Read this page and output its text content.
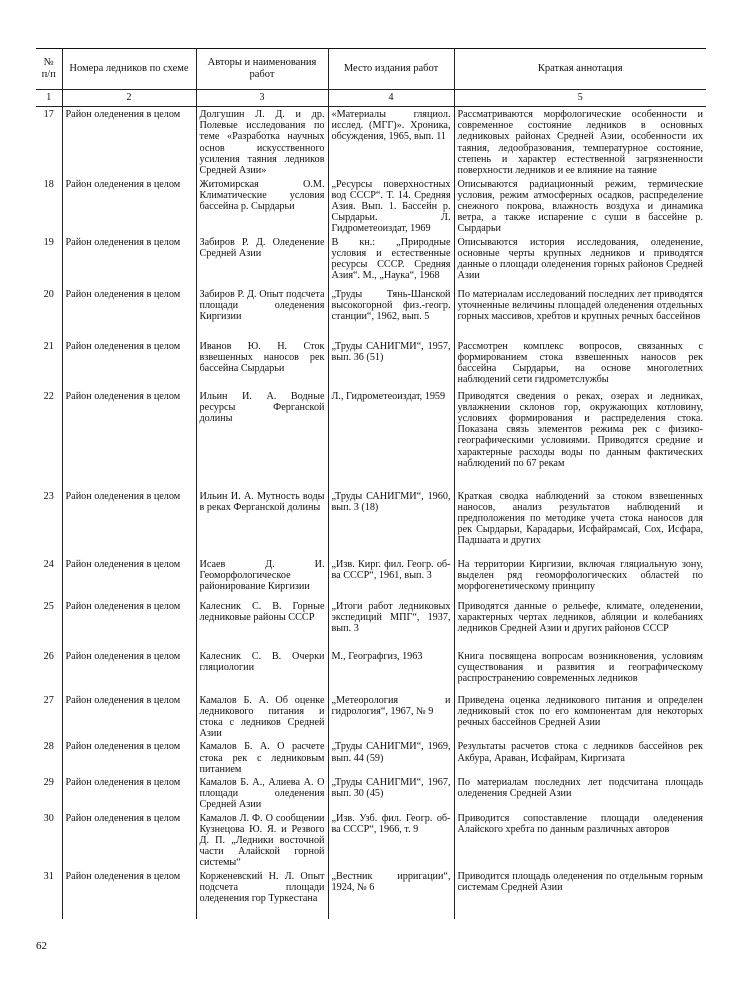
№ п/п	Номера ледников по схеме	Авторы и наименования работ	Место издания работ	Краткая аннотация
1	2	3	4	5
17	Район оледенения в целом	Долгушин Л. Д. и др. Полевые исследования по теме «Разработка научных основ искусственного усиления таяния ледников Средней Азии»	«Материалы гляциол. исслед. (МГГ)». Хроника, обсуждения, 1965, вып. 11	Рассматриваются морфологические особенности и современное состояние ледников в основных ледниковых районах Средней Азии, особенности их таяния, ледообразования, температурное состояние, степень и характер естественной загрязненности поверхности ледников и ее влияние на таяние
18	Район оледенения в целом	Житомирская О.М. Климатические условия бассейна р. Сырдарьи	„Ресурсы поверхностных вод СССР“. Т. 14. Средняя Азия. Вып. 1. Бассейн р. Сырдарьи. Л. Гидрометеоиздат, 1969	Описываются радиационный режим, термические условия, режим атмосферных осадков, распределение снежного покрова, влажность воздуха и динамика ветра, а также испарение с суши в бассейне р. Сырдарьи
19	Район оледенения в целом	Забиров Р. Д. Оледенение Средней Азии	В кн.: „Природные условия и естественные ресурсы СССР. Средняя Азия“. М., „Наука“, 1968	Описываются история исследования, оледенение, основные черты крупных ледников и приводятся данные о площади оледенения горных районов Средней Азии
20	Район оледенения в целом	Забиров Р. Д. Опыт подсчета площади оледенения Киргизии	„Труды Тянь-Шанской высокогорной физ.-геогр. станции“, 1962, вып. 5	По материалам исследований последних лет приводятся уточненные величины площадей оледенения отдельных горных массивов, хребтов и крупных речных бассейнов
21	Район оледенения в целом	Иванов Ю. Н. Сток взвешенных наносов рек бассейна Сырдарьи	„Труды САНИГМИ“, 1957, вып. 36 (51)	Рассмотрен комплекс вопросов, связанных с формированием стока взвешенных наносов рек бассейна Сырдарьи, на основе многолетних наблюдений сети гидрометслужбы
22	Район оледенения в целом	Ильин И. А. Водные ресурсы Ферганской долины	Л., Гидрометеоиздат, 1959	Приводятся сведения о реках, озерах и ледниках, увлажнении склонов гор, окружающих котловину, условиях формирования и распределения стока. Показана связь элементов режима рек с физико-географическими условиями. Приводятся средние и характерные расходы воды по данным фактических наблюдений по 67 рекам
23	Район оледенения в целом	Ильин И. А. Мутность воды в реках Ферганской долины	„Труды САНИГМИ“, 1960, вып. 3 (18)	Краткая сводка наблюдений за стоком взвешенных наносов, анализ результатов наблюдений и предположения по методике учета стока наносов для рек Сырдарьи, Карадарьи, Исфайрамсай, Сох, Исфара, Падшаата и других
24	Район оледенения в целом	Исаев Д. И. Геоморфологическое районирование Киргизии	„Изв. Кирг. фил. Геогр. об-ва СССР“, 1961, вып. 3	На территории Киргизии, включая гляциальную зону, выделен ряд геоморфологических областей по морфогенетическому принципу
25	Район оледенения в целом	Калесник С. В. Горные ледниковые районы СССР	„Итоги работ ледниковых экспедиций МПГ“, 1937, вып. 3	Приводятся данные о рельефе, климате, оледенении, характерных чертах ледников, абляции и колебаниях ледников Средней Азии и других районов СССР
26	Район оледенения в целом	Калесник С. В. Очерки гляциологии	М., Географгиз, 1963	Книга посвящена вопросам возникновения, условиям существования и развития и географическому распространению современных ледников
27	Район оледенения в целом	Камалов Б. А. Об оценке ледникового питания и стока с ледников Средней Азии	„Метеорология и гидрология“, 1967, № 9	Приведена оценка ледникового питания и определен ледниковый сток по его компонентам для некоторых речных бассейнов Средней Азии
28	Район оледенения в целом	Камалов Б. А. О расчете стока рек с ледниковым питанием	„Труды САНИГМИ“, 1969, вып. 44 (59)	Результаты расчетов стока с ледников бассейнов рек Акбура, Араван, Исфайрам, Киргизата
29	Район оледенения в целом	Камалов Б. А., Алиева А. О площади оледенения Средней Азии	„Труды САНИГМИ“, 1967, вып. 30 (45)	По материалам последних лет подсчитана площадь оледенения Средней Азии
30	Район оледенения в целом	Камалов Л. Ф. О сообщении Кузнецова Ю. Я. и Резвого Д. П. „Ледники восточной части Алайской горной системы“	„Изв. Узб. фил. Геогр. об-ва СССР“, 1966, т. 9	Приводится сопоставление площади оледенения Алайского хребта по данным различных авторов
31	Район оледенения в целом	Корженевский Н. Л. Опыт подсчета площади оледенения гор Туркестана	„Вестник ирригации“, 1924, № 6	Приводится площадь оледенения по отдельным горным системам Средней Азии
62
